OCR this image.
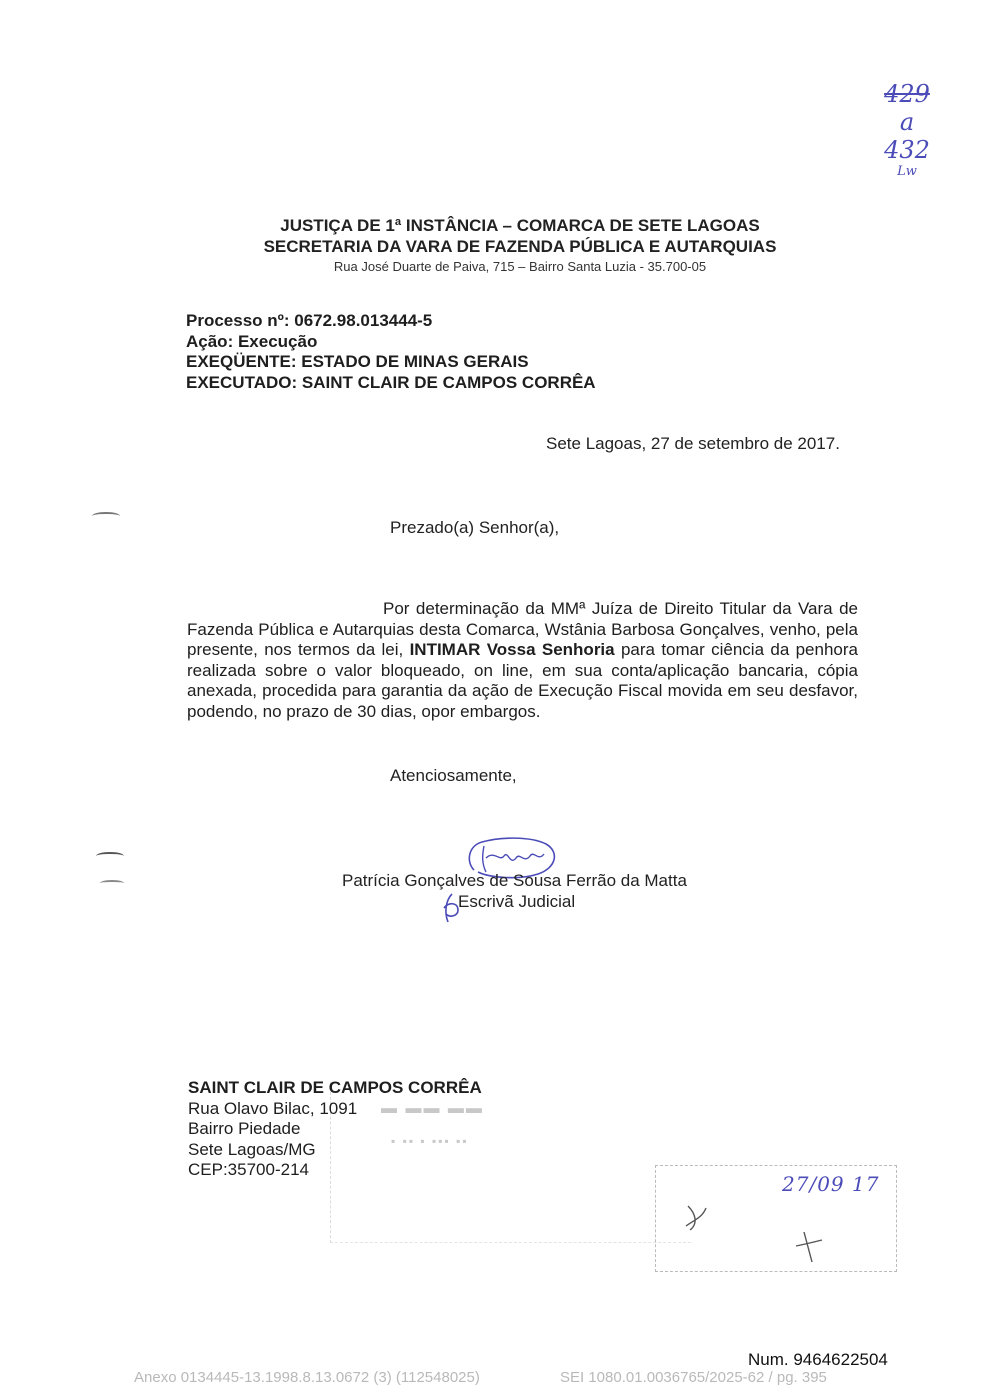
429
a
432
Lw
JUSTIÇA DE 1ª INSTÂNCIA – COMARCA DE SETE LAGOAS
SECRETARIA DA VARA DE FAZENDA PÚBLICA E AUTARQUIAS
Rua José Duarte de Paiva, 715 – Bairro Santa Luzia - 35.700-05
Processo nº: 0672.98.013444-5
Ação: Execução
EXEQÜENTE: ESTADO DE MINAS GERAIS
EXECUTADO: SAINT CLAIR DE CAMPOS CORRÊA
Sete Lagoas, 27 de setembro de 2017.
Prezado(a) Senhor(a),
Por determinação da MMª Juíza de Direito Titular da Vara de Fazenda Pública e Autarquias desta Comarca, Wstânia Barbosa Gonçalves, venho, pela presente, nos termos da lei, INTIMAR Vossa Senhoria para tomar ciência da penhora realizada sobre o valor bloqueado, on line, em sua conta/aplicação bancaria, cópia anexada, procedida para garantia da ação de Execução Fiscal movida em seu desfavor, podendo, no prazo de 30 dias, opor embargos.
Atenciosamente,
Patrícia Gonçalves de Sousa Ferrão da Matta
Escrivã Judicial
▬ ▬▬ ▬▬
▪ ▪▪ ▪ ▪▪▪ ▪▪
27/09 17
SAINT CLAIR DE CAMPOS CORRÊA
Rua Olavo Bilac, 1091
Bairro Piedade
Sete Lagoas/MG
CEP:35700-214
Num. 9464622504
Anexo 0134445-13.1998.8.13.0672 (3) (112548025)	SEI 1080.01.0036765/2025-62 / pg. 395
